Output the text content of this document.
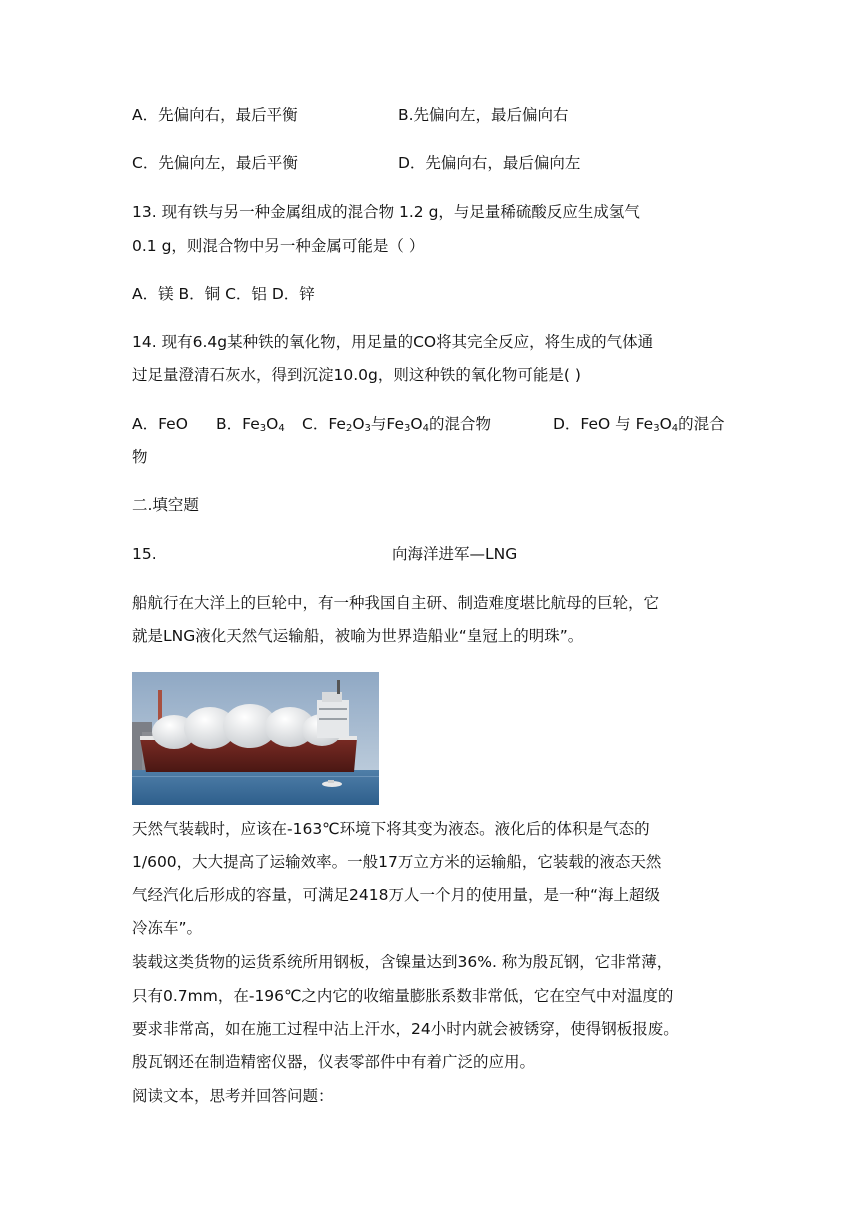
A．先偏向右，最后平衡	B.先偏向左，最后偏向右
C．先偏向左，最后平衡	D．先偏向右，最后偏向左
13. 现有铁与另一种金属组成的混合物 1.2 g，与足量稀硫酸反应生成氢气
0.1 g，则混合物中另一种金属可能是（ ）
A．镁 B．铜 C．铝 D．锌
14. 现有6.4g某种铁的氧化物，用足量的CO将其完全反应，将生成的气体通
过足量澄清石灰水，得到沉淀10.0g，则这种铁的氧化物可能是( )
A．FeO B．$Fe_3O_4$ C．$Fe_2O_3$与$Fe_3O_4$的混合物	D．FeO 与 $Fe_3O_4$的混合
物
二.填空题
15.	向海洋进军—LNG
船航行在大洋上的巨轮中，有一种我国自主研、制造难度堪比航母的巨轮，它
就是LNG液化天然气运输船，被喻为世界造船业“皇冠上的明珠”。
天然气装载时，应该在-163℃环境下将其变为液态。液化后的体积是气态的
1/600，大大提高了运输效率。一般17万立方米的运输船，它装载的液态天然
气经汽化后形成的容量，可满足2418万人一个月的使用量，是一种“海上超级
冷冻车”。
装载这类货物的运货系统所用钢板，含镍量达到36%. 称为殷瓦钢，它非常薄，
只有0.7mm，在-196℃之内它的收缩量膨胀系数非常低，它在空气中对温度的
要求非常高，如在施工过程中沾上汗水，24小时内就会被锈穿，使得钢板报废。
殷瓦钢还在制造精密仪器，仪表零部件中有着广泛的应用。
阅读文本，思考并回答问题：
